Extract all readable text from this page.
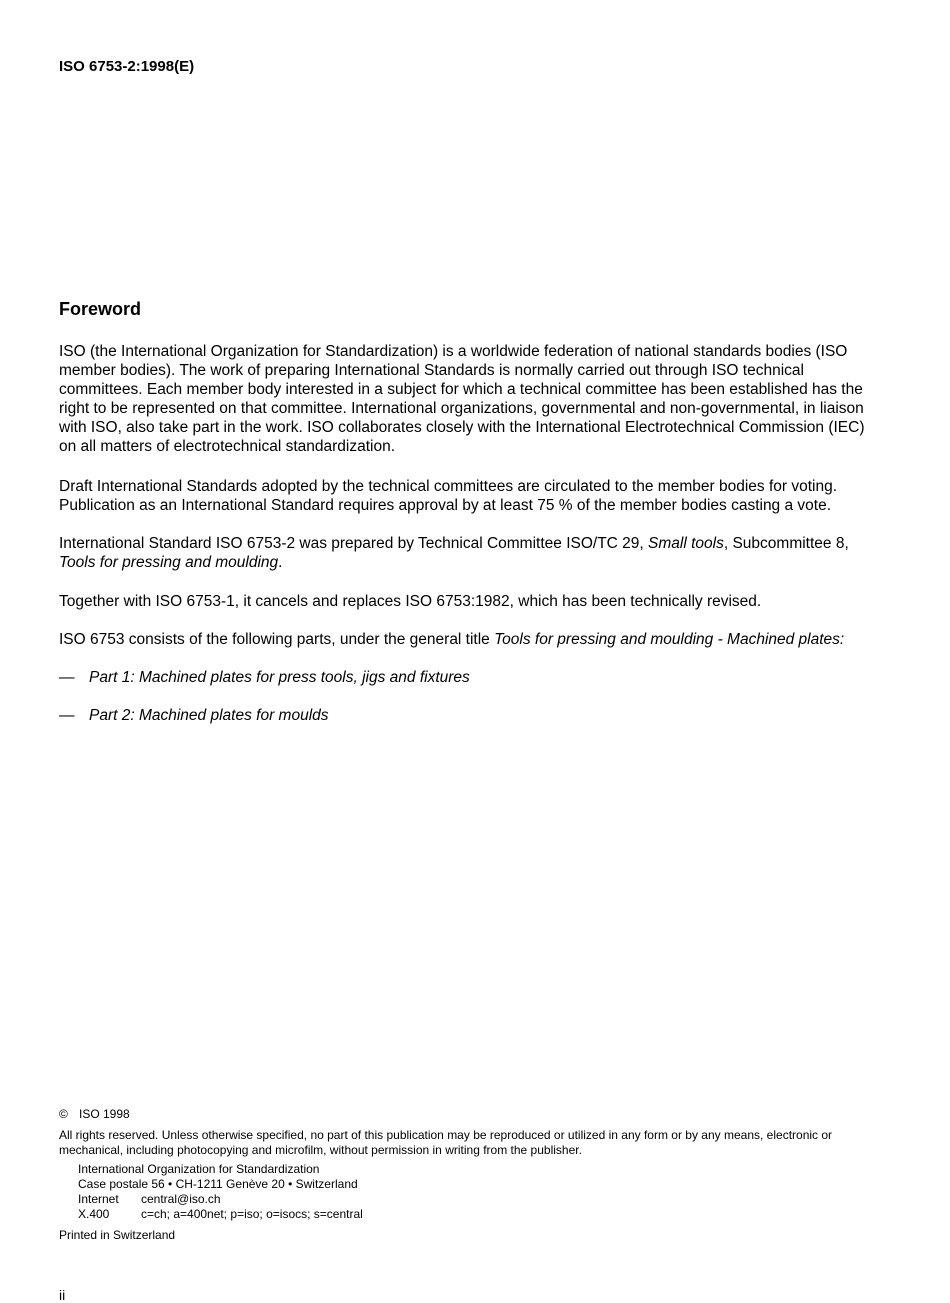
ISO 6753-2:1998(E)
Foreword
ISO (the International Organization for Standardization) is a worldwide federation of national standards bodies (ISO member bodies). The work of preparing International Standards is normally carried out through ISO technical committees. Each member body interested in a subject for which a technical committee has been established has the right to be represented on that committee. International organizations, governmental and non-governmental, in liaison with ISO, also take part in the work. ISO collaborates closely with the International Electrotechnical Commission (IEC) on all matters of electrotechnical standardization.
Draft International Standards adopted by the technical committees are circulated to the member bodies for voting. Publication as an International Standard requires approval by at least 75 % of the member bodies casting a vote.
International Standard ISO 6753-2 was prepared by Technical Committee ISO/TC 29, Small tools, Subcommittee 8, Tools for pressing and moulding.
Together with ISO 6753-1, it cancels and replaces ISO 6753:1982, which has been technically revised.
ISO 6753 consists of the following parts, under the general title Tools for pressing and moulding - Machined plates:
— Part 1: Machined plates for press tools, jigs and fixtures
— Part 2: Machined plates for moulds
© ISO 1998
All rights reserved. Unless otherwise specified, no part of this publication may be reproduced or utilized in any form or by any means, electronic or mechanical, including photocopying and microfilm, without permission in writing from the publisher.
International Organization for Standardization
Case postale 56 • CH-1211 Genève 20 • Switzerland
Internet central@iso.ch
X.400	c=ch; a=400net; p=iso; o=isocs; s=central
Printed in Switzerland
ii
